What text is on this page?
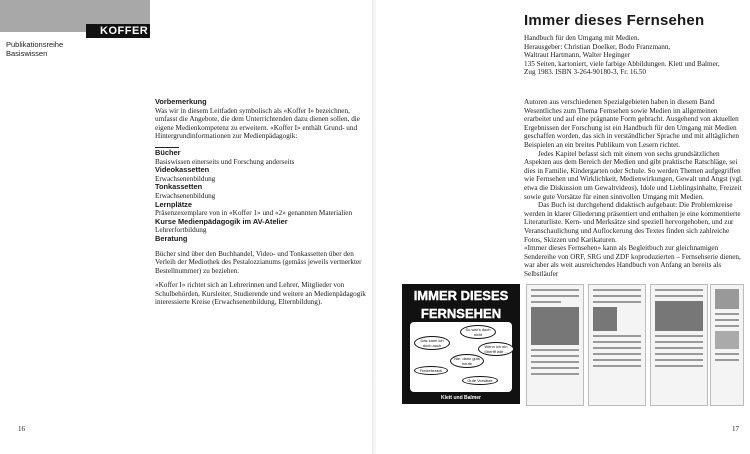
KOFFER
Publikationsreihe
Basiswissen

Vorbemerkung
Was wir in diesem Leitfaden symbolisch als «Koffer I» bezeichnen, umfasst die Angebote, die dem Unterrichtenden dazu dienen sollen, die eigene Medienkompetenz zu erweitern. «Koffer I» enthält Grund- und Hintergrundinformationen zur Medienpädagogik:

Bücher
Basiswissen einerseits und Forschung anderseits
Videokassetten
Erwachsenenbildung
Tonkassetten
Erwachsenenbildung
Lernplätze
Präsenzexemplare von in «Koffer 1» und «2» genannten Materialien
Kurse Medienpädagogik im AV-Atelier
Lehrerfortbildung
Beratung

Bücher sind über den Buchhandel, Video- und Tonkassetten über den Verleih der Mediothek des Pestalozzianums (gemäss jeweils vermerkter Bestellnummer) zu beziehen.

«Koffer I» richtet sich an Lehrerinnen und Lehrer, Mitglieder von Schulbehörden, Kursleiter, Studierende und weitere an Medienpädagogik interessierte Kreise (Erwachsenenbildung, Elternbildung).

16
Immer dieses Fernsehen
Handbuch für den Umgang mit Medien.
Herausgeber: Christian Doelker, Bodo Franzmann,
Waltraut Hartmann, Walter Heginger
135 Seiten, kartoniert, viele farbige Abbildungen. Klett und Balmer,
Zug 1983. ISBN 3-264-90180-3, Fr. 16.50

Autoren aus verschiedenen Spezialgebieten haben in diesem Band Wesentliches zum Thema Fernsehen sowie Medien im allgemeinen erarbeitet und auf eine prägnante Form gebracht. Ausgehend von aktuellen Ergebnissen der Forschung ist ein Handbuch für den Umgang mit Medien geschaffen worden, das sich in verständlicher Sprache und mit alltäglichen Beispielen an ein breites Publikum von Lesern richtet.

Jedes Kapitel befasst sich mit einem von sechs grundsätzlichen Aspekten aus dem Bereich der Medien und gibt praktische Ratschläge, sei dies in Familie, Kindergarten oder Schule. So werden Themen aufgegriffen wie Fernsehen und Wirklichkeit, Medienwirkungen, Gewalt und Angst (vgl. etwa die Diskussion um Gewaltvideos), Idole und Lieblingsinhalte, Freizeit sowie gute Vorsätze für einen sinnvollen Umgang mit Medien.

Das Buch ist durchgehend didaktisch aufgebaut: Die Problemkreise werden in klarer Gliederung präsentiert und enthalten je eine kommentierte Literaturliste. Kern- und Merksätze sind speziell hervorgehoben, und zur Veranschaulichung und Auflockerung des Textes finden sich zahlreiche Fotos, Skizzen und Karikaturen.

«Immer dieses Fernsehen» kann als Begleitbuch zur gleichnamigen Sendereihe von ORF, SRG und ZDF koproduzierten – Fernsehserie dienen, war aber als weit ausreichendes Handbuch von Anfang an bereits als Selbstläufer

IMMER DIESES
FERNSEHEN
So war's doch nicht
Wenn ich ein Sheriff wär ...
Das kann ich doch auch
Nie, dann guts heute
Freizeitcrack
Gute Vorsätze
Klett und Balmer
17
